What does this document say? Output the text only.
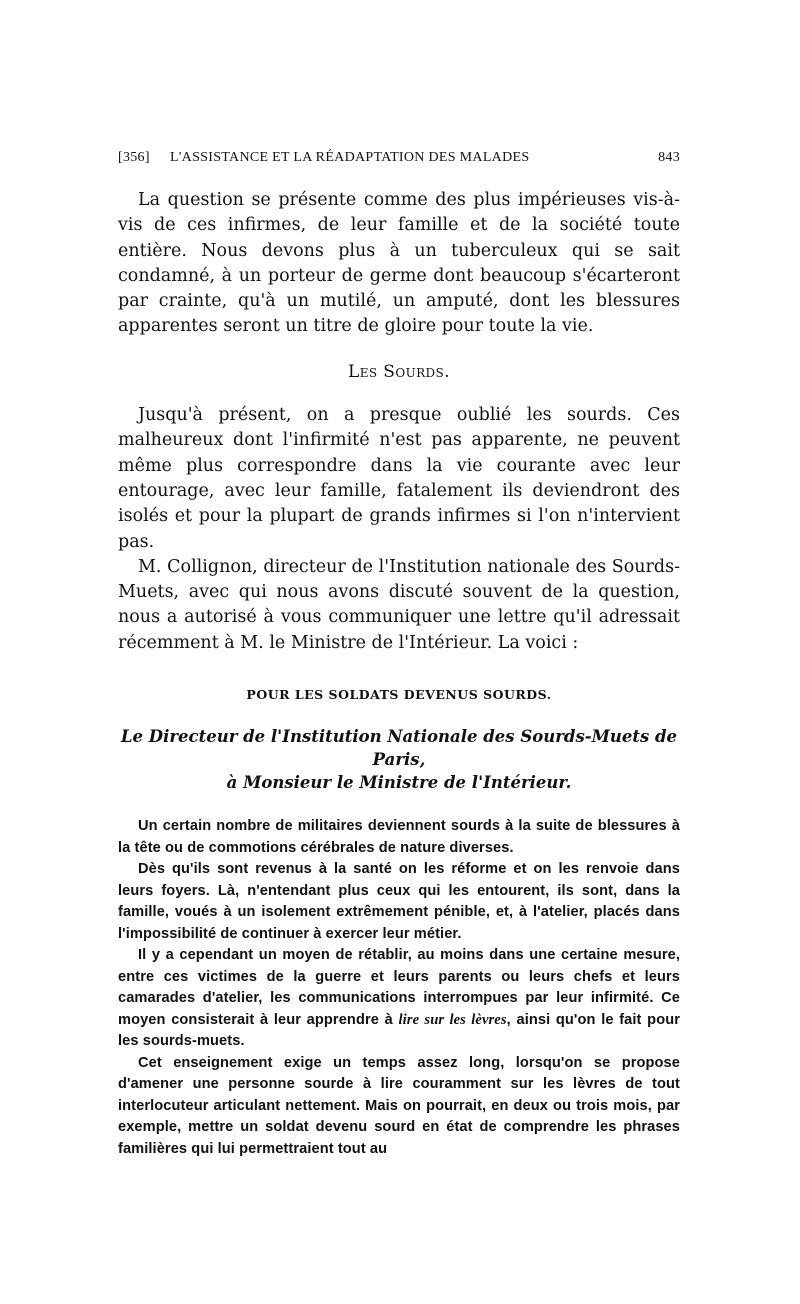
[356] L'ASSISTANCE ET LA RÉADAPTATION DES MALADES	843

La question se présente comme des plus impérieuses vis-à-vis de ces infirmes, de leur famille et de la société toute entière. Nous devons plus à un tuberculeux qui se sait condamné, à un porteur de germe dont beaucoup s'écarteront par crainte, qu'à un mutilé, un amputé, dont les blessures apparentes seront un titre de gloire pour toute la vie.

Les Sourds.

Jusqu'à présent, on a presque oublié les sourds. Ces malheureux dont l'infirmité n'est pas apparente, ne peuvent même plus correspondre dans la vie courante avec leur entourage, avec leur famille, fatalement ils deviendront des isolés et pour la plupart de grands infirmes si l'on n'intervient pas.

M. Collignon, directeur de l'Institution nationale des Sourds-Muets, avec qui nous avons discuté souvent de la question, nous a autorisé à vous communiquer une lettre qu'il adressait récemment à M. le Ministre de l'Intérieur. La voici :

POUR LES SOLDATS DEVENUS SOURDS.

Le Directeur de l'Institution Nationale des Sourds-Muets de Paris,
à Monsieur le Ministre de l'Intérieur.

Un certain nombre de militaires deviennent sourds à la suite de blessures à la tête ou de commotions cérébrales de nature diverses.

Dès qu'ils sont revenus à la santé on les réforme et on les renvoie dans leurs foyers. Là, n'entendant plus ceux qui les entourent, ils sont, dans la famille, voués à un isolement extrêmement pénible, et, à l'atelier, placés dans l'impossibilité de continuer à exercer leur métier.

Il y a cependant un moyen de rétablir, au moins dans une certaine mesure, entre ces victimes de la guerre et leurs parents ou leurs chefs et leurs camarades d'atelier, les communications interrompues par leur infirmité. Ce moyen consisterait à leur apprendre à lire sur les lèvres, ainsi qu'on le fait pour les sourds-muets.

Cet enseignement exige un temps assez long, lorsqu'on se propose d'amener une personne sourde à lire couramment sur les lèvres de tout interlocuteur articulant nettement. Mais on pourrait, en deux ou trois mois, par exemple, mettre un soldat devenu sourd en état de comprendre les phrases familières qui lui permettraient tout au
